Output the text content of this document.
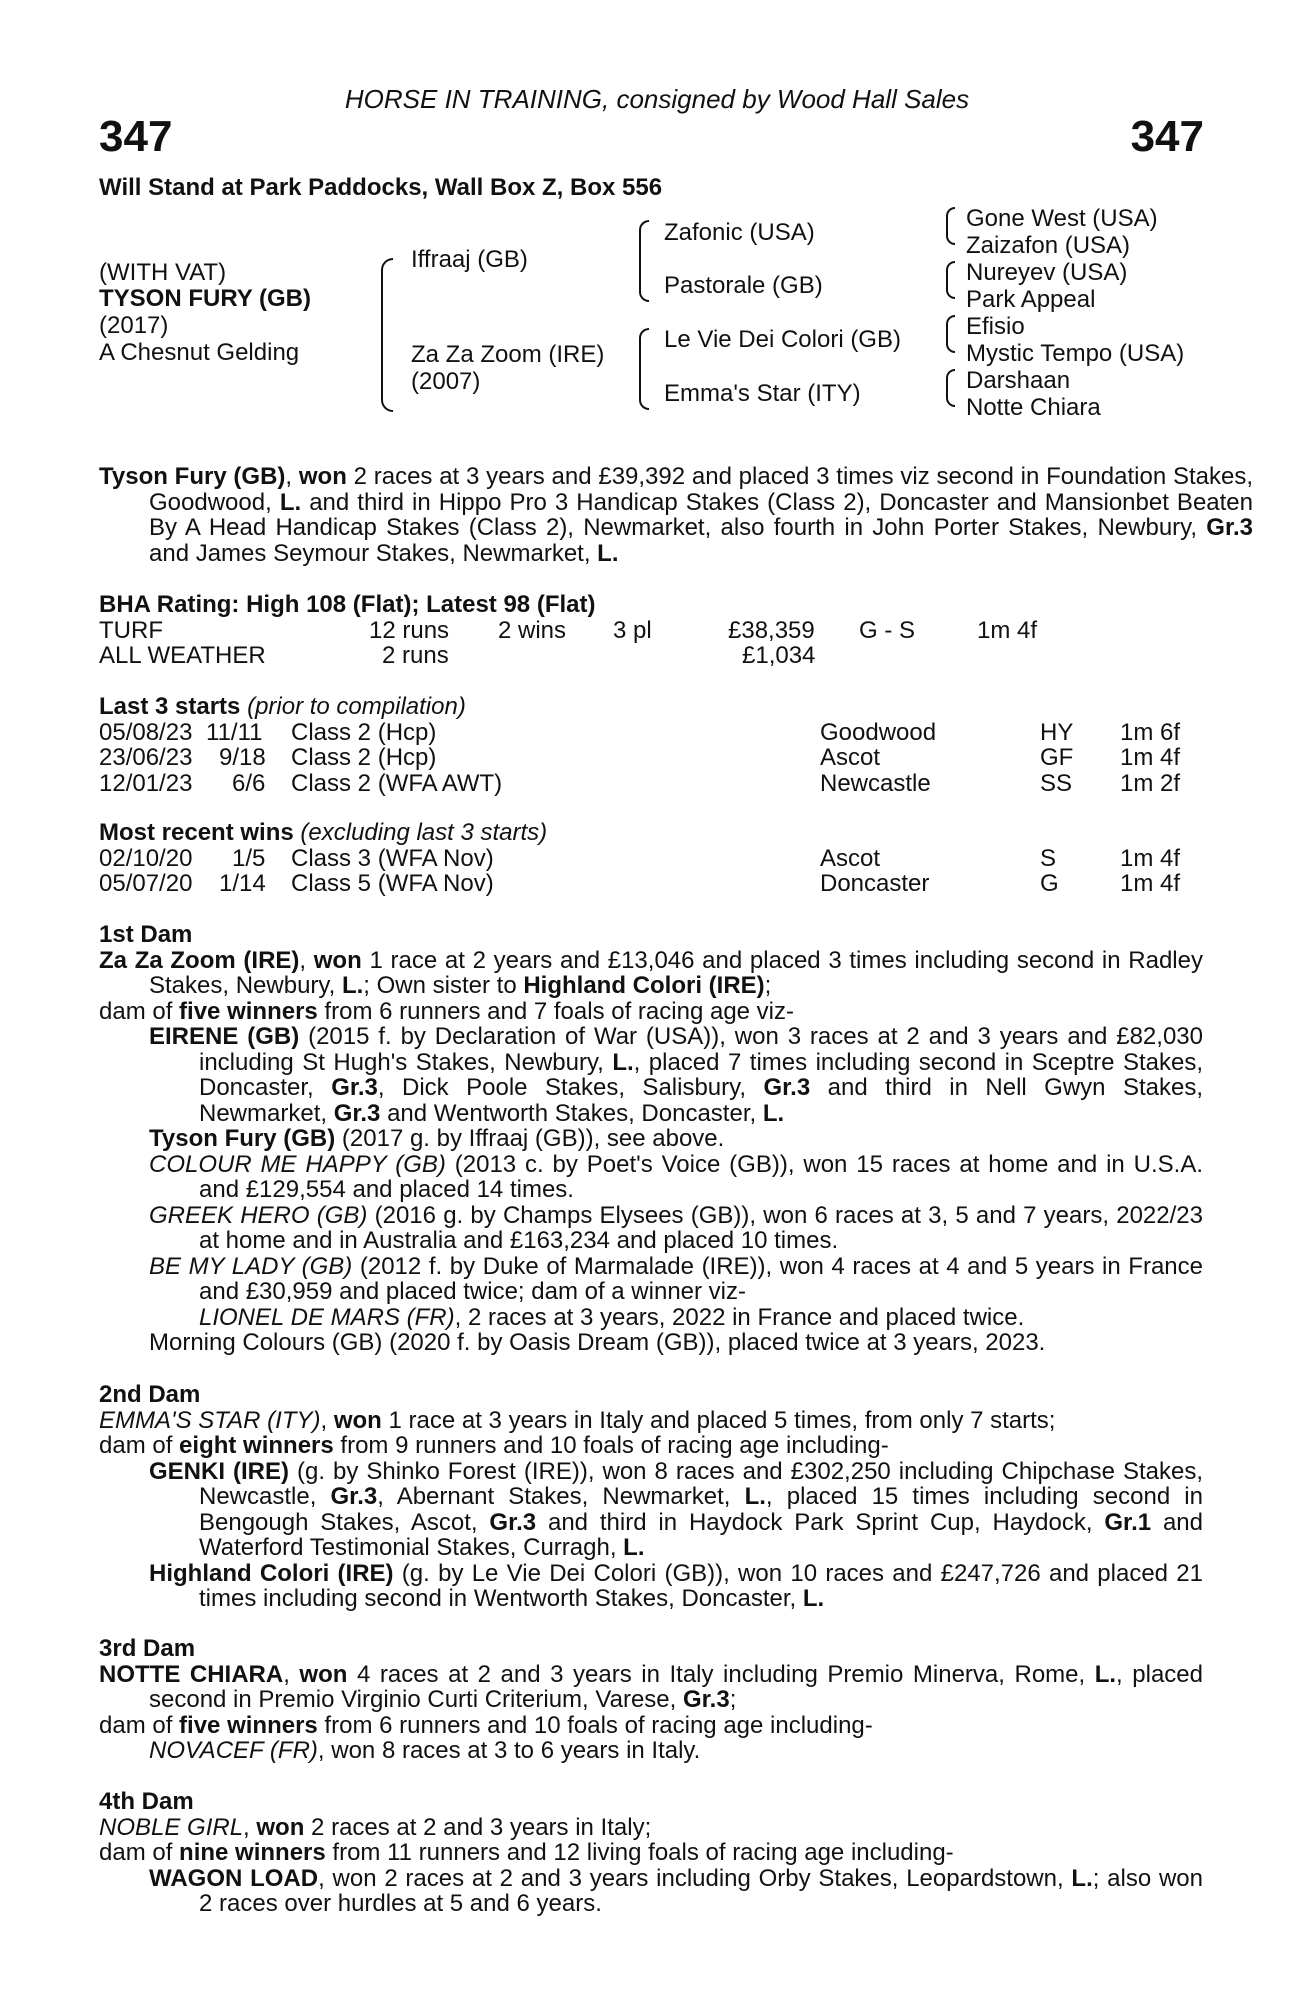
HORSE IN TRAINING, consigned by Wood Hall Sales
347	347
Will Stand at Park Paddocks, Wall Box Z, Box 556
(WITH VAT)
TYSON FURY (GB)
(2017)
A Chesnut Gelding
Iffraaj (GB)
Za Za Zoom (IRE)
(2007)
Zafonic (USA)
Pastorale (GB)
Le Vie Dei Colori (GB)
Emma's Star (ITY)
Gone West (USA)
Zaizafon (USA)
Nureyev (USA)
Park Appeal
Efisio
Mystic Tempo (USA)
Darshaan
Notte Chiara
Tyson Fury (GB), won 2 races at 3 years and £39,392 and placed 3 times viz second in Foundation Stakes, Goodwood, L. and third in Hippo Pro 3 Handicap Stakes (Class 2), Doncaster and Mansionbet Beaten By A Head Handicap Stakes (Class 2), Newmarket, also fourth in John Porter Stakes, Newbury, Gr.3 and James Seymour Stakes, Newmarket, L.
BHA Rating: High 108 (Flat); Latest 98 (Flat)
TURF	12 runs 2 wins 3 pl	£38,359 G - S	1m 4f
ALL WEATHER	2 runs	£1,034
Last 3 starts (prior to compilation)
05/08/23 11/11 Class 2 (Hcp)	Goodwood	HY 1m 6f
23/06/23 9/18 Class 2 (Hcp)	Ascot	GF 1m 4f
12/01/23 6/6 Class 2 (WFA AWT)	Newcastle	SS 1m 2f
Most recent wins (excluding last 3 starts)
02/10/20 1/5 Class 3 (WFA Nov)	Ascot	S	1m 4f
05/07/20 1/14 Class 5 (WFA Nov)	Doncaster	G	1m 4f
1st Dam
Za Za Zoom (IRE), won 1 race at 2 years and £13,046 and placed 3 times including second in Radley Stakes, Newbury, L.; Own sister to Highland Colori (IRE);
dam of five winners from 6 runners and 7 foals of racing age viz-
EIRENE (GB) (2015 f. by Declaration of War (USA)), won 3 races at 2 and 3 years and £82,030 including St Hugh's Stakes, Newbury, L., placed 7 times including second in Sceptre Stakes, Doncaster, Gr.3, Dick Poole Stakes, Salisbury, Gr.3 and third in Nell Gwyn Stakes, Newmarket, Gr.3 and Wentworth Stakes, Doncaster, L.
Tyson Fury (GB) (2017 g. by Iffraaj (GB)), see above.
COLOUR ME HAPPY (GB) (2013 c. by Poet's Voice (GB)), won 15 races at home and in U.S.A. and £129,554 and placed 14 times.
GREEK HERO (GB) (2016 g. by Champs Elysees (GB)), won 6 races at 3, 5 and 7 years, 2022/23 at home and in Australia and £163,234 and placed 10 times.
BE MY LADY (GB) (2012 f. by Duke of Marmalade (IRE)), won 4 races at 4 and 5 years in France and £30,959 and placed twice; dam of a winner viz-
LIONEL DE MARS (FR), 2 races at 3 years, 2022 in France and placed twice.
Morning Colours (GB) (2020 f. by Oasis Dream (GB)), placed twice at 3 years, 2023.
2nd Dam
EMMA'S STAR (ITY), won 1 race at 3 years in Italy and placed 5 times, from only 7 starts;
dam of eight winners from 9 runners and 10 foals of racing age including-
GENKI (IRE) (g. by Shinko Forest (IRE)), won 8 races and £302,250 including Chipchase Stakes, Newcastle, Gr.3, Abernant Stakes, Newmarket, L., placed 15 times including second in Bengough Stakes, Ascot, Gr.3 and third in Haydock Park Sprint Cup, Haydock, Gr.1 and Waterford Testimonial Stakes, Curragh, L.
Highland Colori (IRE) (g. by Le Vie Dei Colori (GB)), won 10 races and £247,726 and placed 21 times including second in Wentworth Stakes, Doncaster, L.
3rd Dam
NOTTE CHIARA, won 4 races at 2 and 3 years in Italy including Premio Minerva, Rome, L., placed second in Premio Virginio Curti Criterium, Varese, Gr.3;
dam of five winners from 6 runners and 10 foals of racing age including-
NOVACEF (FR), won 8 races at 3 to 6 years in Italy.
4th Dam
NOBLE GIRL, won 2 races at 2 and 3 years in Italy;
dam of nine winners from 11 runners and 12 living foals of racing age including-
WAGON LOAD, won 2 races at 2 and 3 years including Orby Stakes, Leopardstown, L.; also won 2 races over hurdles at 5 and 6 years.
